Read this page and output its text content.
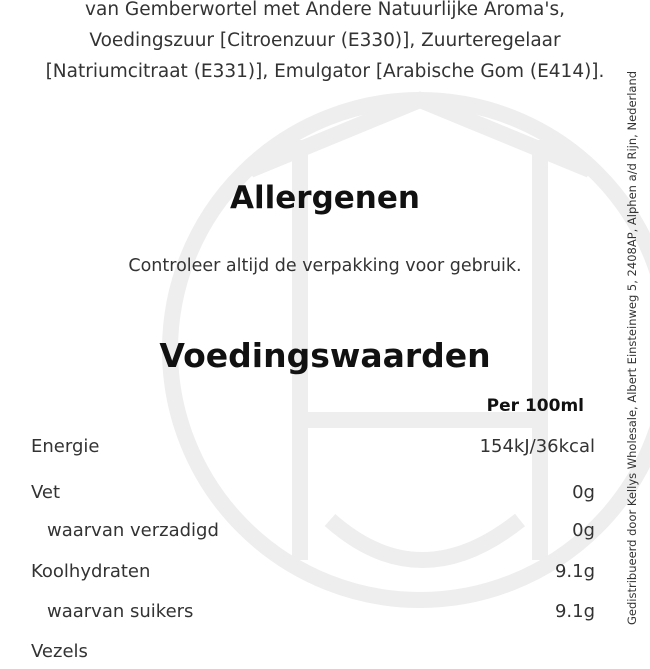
van Gemberwortel met Andere Natuurlijke Aroma's, Voedingszuur [Citroenzuur (E330)], Zuurteregelaar [Natriumcitraat (E331)], Emulgator [Arabische Gom (E414)].

Allergenen

Controleer altijd de verpakking voor gebruik.

Voedingswaarden
Per 100ml
Energie	154kJ/36kcal
Vet	0g
waarvan verzadigd	0g
Koolhydraten	9.1g
waarvan suikers	9.1g
Vezels
Gedistribueerd door Kellys Wholesale, Albert Einsteinweg 5, 2408AP, Alphen a/d Rijn, Nederland
